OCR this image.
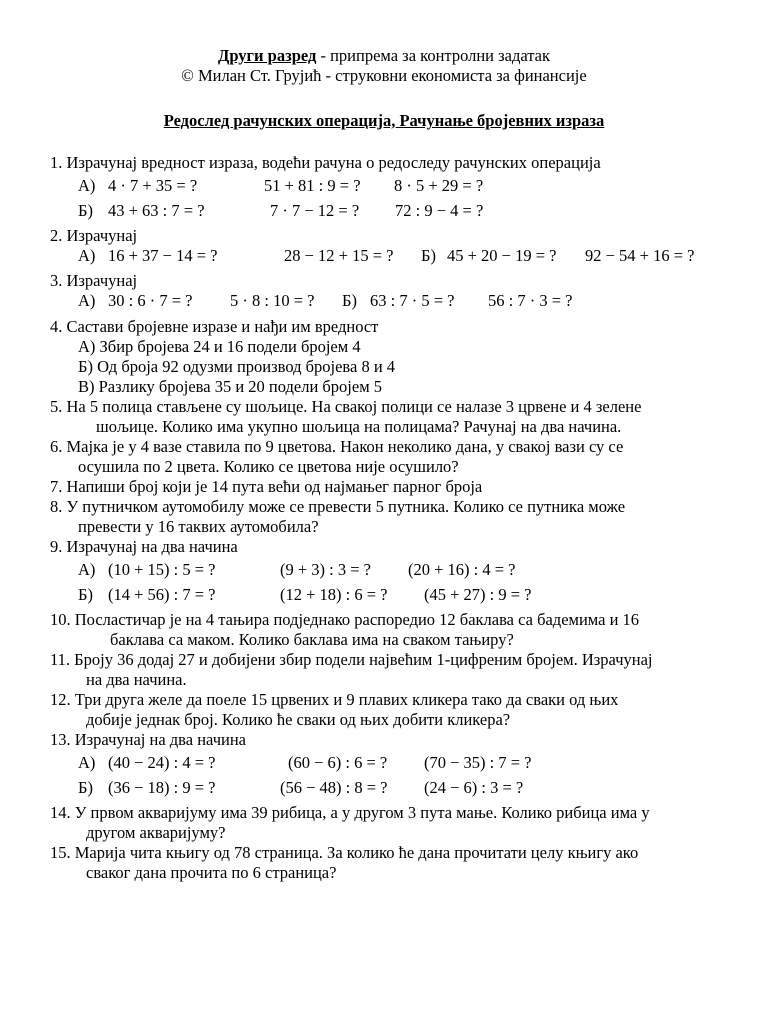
Други разред - припрема за контролни задатак
© Милан Ст. Грујић - струковни економиста за финансије
Редослед рачунских операција, Рачунање бројевних израза
1. Израчунај вредност израза, водећи рачуна о редоследу рачунских операција
А) 4 · 7 + 35 = ?	51 + 81 : 9 = ? 8 · 5 + 29 = ?
Б) 43 + 63 : 7 = ?	7 · 7 − 12 = ? 72 : 9 − 4 = ?
2. Израчунај
А) 16 + 37 − 14 = ?	28 − 12 + 15 = ? Б) 45 + 20 − 19 = ? 92 − 54 + 16 = ?
3. Израчунај
А) 30 : 6 · 7 = ? 5 · 8 : 10 = ? Б) 63 : 7 · 5 = ? 56 : 7 · 3 = ?
4. Састави бројевне изразе и нађи им вредност
А) Збир бројева 24 и 16 подели бројем 4
Б) Од броја 92 одузми производ бројева 8 и 4
В) Разлику бројева 35 и 20 подели бројем 5
5. На 5 полица стављене су шољице. На свакој полици се налазе 3 црвене и 4 зелене
шољице. Колико има укупно шољица на полицама? Рачунај на два начина.
6. Мајка је у 4 вазе ставила по 9 цветова. Након неколико дана, у свакој вази су се
осушила по 2 цвета. Колико се цветова није осушило?
7. Напиши број који је 14 пута већи од најмањег парног броја
8. У путничком аутомобилу може се превести 5 путника. Колико се путника може
превести у 16 таквих аутомобила?
9. Израчунај на два начина
А) (10 + 15) : 5 = ?	(9 + 3) : 3 = ? (20 + 16) : 4 = ?
Б) (14 + 56) : 7 = ?	(12 + 18) : 6 = ? (45 + 27) : 9 = ?
10. Посластичар је на 4 тањира подједнако распоредио 12 баклава са бадемима и 16
баклава са маком. Колико баклава има на сваком тањиру?
11. Броју 36 додај 27 и добијени збир подели највећим 1-цифреним бројем. Израчунај
на два начина.
12. Три друга желе да поеле 15 црвених и 9 плавих кликера тако да сваки од њих
добије једнак број. Колико ће сваки од њих добити кликера?
13. Израчунај на два начина
А) (40 − 24) : 4 = ?	(60 − 6) : 6 = ? (70 − 35) : 7 = ?
Б) (36 − 18) : 9 = ?	(56 − 48) : 8 = ? (24 − 6) : 3 = ?
14. У првом акваријуму има 39 рибица, а у другом 3 пута мање. Колико рибица има у
другом акваријуму?
15. Марија чита књигу од 78 страница. За колико ће дана прочитати целу књигу ако
сваког дана прочита по 6 страница?
